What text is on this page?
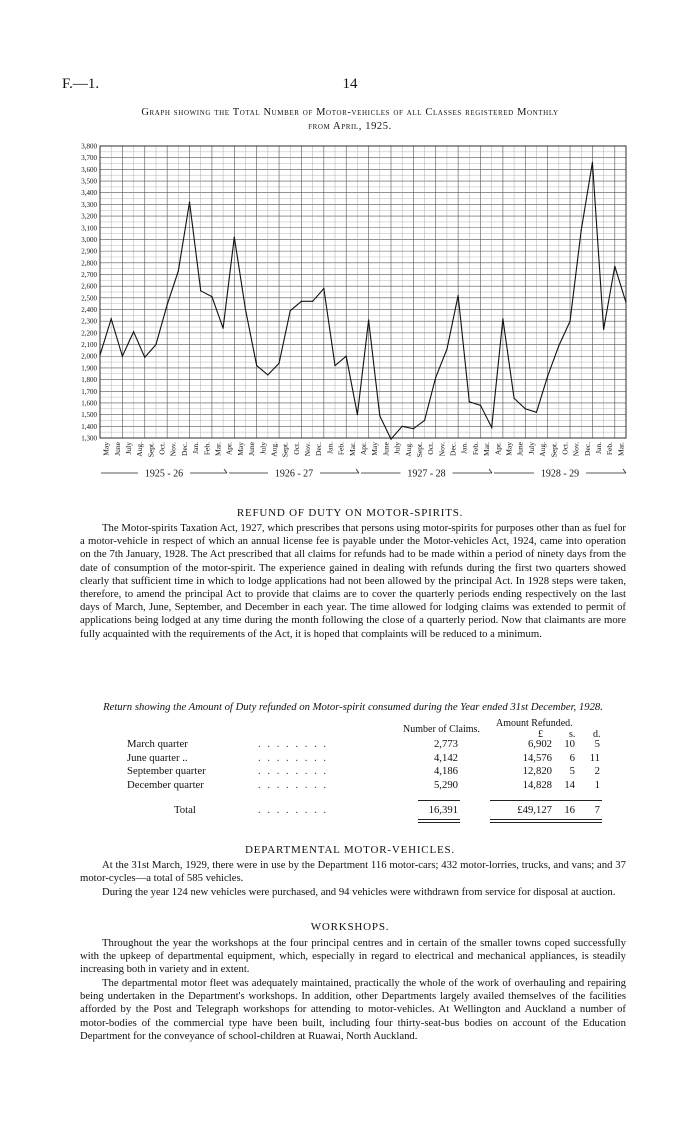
F.—1.	14
Graph showing the Total Number of Motor-vehicles of all Classes registered Monthly
from April, 1925.
3,800
3,700
3,600
3,500
3,400
3,300
3,200
3,100
3,000
2,900
2,800
2,700
2,600
2,500
2,400
2,300
2,200
2,100
2,000
1,900
1,800
1,700
1,600
1,500
1,400
1,300
May June July Aug. Sept. Oct. Nov. Dec. Jan. Feb. Mar. Apr. May June July Aug. Sept. Oct. Nov. Dec. Jan. Feb. Mar. Apr. May June July Aug. Sept. Oct. Nov. Dec. Jan. Feb. Mar. Apr. May June July Aug. Sept. Oct. Nov. Dec. Jan. Feb. Mar.
1925 - 26	1926 - 27	1927 - 28	1928 - 29
REFUND OF DUTY ON MOTOR-SPIRITS.

The Motor-spirits Taxation Act, 1927, which prescribes that persons using motor-spirits for purposes other than as fuel for a motor-vehicle in respect of which an annual license fee is payable under the Motor-vehicles Act, 1924, came into operation on the 7th January, 1928. The Act prescribed that all claims for refunds had to be made within a period of ninety days from the date of consumption of the motor-spirit. The experience gained in dealing with refunds during the first two quarters showed clearly that sufficient time in which to lodge applications had not been allowed by the principal Act. In 1928 steps were taken, therefore, to amend the principal Act to provide that claims are to cover the quarterly periods ending respectively on the last days of March, June, September, and December in each year. The time allowed for lodging claims was extended to permit of applications being lodged at any time during the month following the close of a quarterly period. Now that claimants are more fully acquainted with the requirements of the Act, it is hoped that complaints will be reduced to a minimum.

Return showing the Amount of Duty refunded on Motor-spirit consumed during the Year ended 31st December, 1928.
Number of Claims.
Amount Refunded.
£	s. d.
March quarter	. . . . . . . .	2,773	6,902 10 5
June quarter ..	. . . . . . . .	4,142	14,576 6 11
September quarter	. . . . . . . .	4,186	12,820 5 2
December quarter	. . . . . . . .	5,290	14,828 14 1
Total	. . . . . . . .	16,391	£49,127 16 7
DEPARTMENTAL MOTOR-VEHICLES.

At the 31st March, 1929, there were in use by the Department 116 motor-cars; 432 motor-lorries, trucks, and vans; and 37 motor-cycles—a total of 585 vehicles.

During the year 124 new vehicles were purchased, and 94 vehicles were withdrawn from service for disposal at auction.

WORKSHOPS.

Throughout the year the workshops at the four principal centres and in certain of the smaller towns coped successfully with the upkeep of departmental equipment, which, especially in regard to electrical and mechanical appliances, is steadily increasing both in variety and in extent.

The departmental motor fleet was adequately maintained, practically the whole of the work of overhauling and repairing being undertaken in the Department's workshops. In addition, other Departments largely availed themselves of the facilities afforded by the Post and Telegraph workshops for attending to motor-vehicles. At Wellington and Auckland a number of motor-bodies of the commercial type have been built, including four thirty-seat-bus bodies on account of the Education Department for the conveyance of school-children at Ruawai, North Auckland.
